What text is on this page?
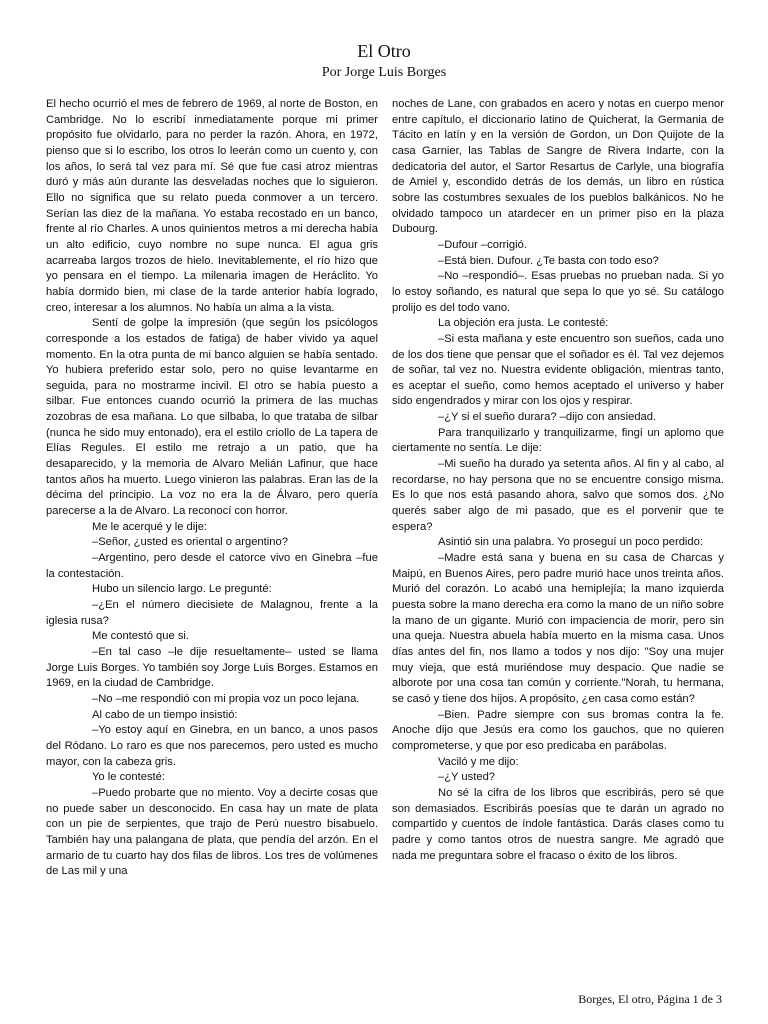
El Otro
Por Jorge Luis Borges

El hecho ocurrió el mes de febrero de 1969, al norte de Boston, en Cambridge. No lo escribí inmediatamente porque mi primer propósito fue olvidarlo, para no perder la razón. Ahora, en 1972, pienso que si lo escribo, los otros lo leerán como un cuento y, con los años, lo será tal vez para mí. Sé que fue casi atroz mientras duró y más aún durante las desveladas noches que lo siguieron. Ello no significa que su relato pueda conmover a un tercero. Serían las diez de la mañana. Yo estaba recostado en un banco, frente al río Charles. A unos quinientos metros a mi derecha había un alto edificio, cuyo nombre no supe nunca. El agua gris acarreaba largos trozos de hielo. Inevitablemente, el río hizo que yo pensara en el tiempo. La milenaria imagen de Heráclito. Yo había dormido bien, mi clase de la tarde anterior había logrado, creo, interesar a los alumnos. No había un alma a la vista.

Sentí de golpe la impresión (que según los psicólogos corresponde a los estados de fatiga) de haber vivido ya aquel momento. En la otra punta de mi banco alguien se había sentado. Yo hubiera preferido estar solo, pero no quise levantarme en seguida, para no mostrarme incivil. El otro se había puesto a silbar. Fue entonces cuando ocurrió la primera de las muchas zozobras de esa mañana. Lo que silbaba, lo que trataba de silbar (nunca he sido muy entonado), era el estilo criollo de La tapera de Elías Regules. El estilo me retrajo a un patio, que ha desaparecido, y la memoria de Alvaro Melián Lafinur, que hace tantos años ha muerto. Luego vinieron las palabras. Eran las de la décima del principio. La voz no era la de Álvaro, pero quería parecerse a la de Alvaro. La reconocí con horror.

Me le acerqué y le dije:

–Señor, ¿usted es oriental o argentino?

–Argentino, pero desde el catorce vivo en Ginebra –fue la contestación.

Hubo un silencio largo. Le pregunté:

–¿En el número diecisiete de Malagnou, frente a la iglesia rusa?

Me contestó que si.

–En tal caso –le dije resueltamente– usted se llama Jorge Luis Borges. Yo también soy Jorge Luis Borges. Estamos en 1969, en la ciudad de Cambridge.

–No –me respondió con mi propia voz un poco lejana.

Al cabo de un tiempo insistió:

–Yo estoy aquí en Ginebra, en un banco, a unos pasos del Ródano. Lo raro es que nos parecemos, pero usted es mucho mayor, con la cabeza gris.

Yo le contesté:

–Puedo probarte que no miento. Voy a decirte cosas que no puede saber un desconocido. En casa hay un mate de plata con un pie de serpientes, que trajo de Perú nuestro bisabuelo. También hay una palangana de plata, que pendía del arzón. En el armario de tu cuarto hay dos filas de libros. Los tres de volúmenes de Las mil y una

noches de Lane, con grabados en acero y notas en cuerpo menor entre capítulo, el diccionario latino de Quicherat, la Germania de Tácito en latín y en la versión de Gordon, un Don Quijote de la casa Garnier, las Tablas de Sangre de Rivera Indarte, con la dedicatoria del autor, el Sartor Resartus de Carlyle, una biografía de Amiel y, escondido detrás de los demás, un libro en rústica sobre las costumbres sexuales de los pueblos balkánicos. No he olvidado tampoco un atardecer en un primer piso en la plaza Dubourg.

–Dufour –corrigió.

–Está bien. Dufour. ¿Te basta con todo eso?

–No –respondió–. Esas pruebas no prueban nada. Si yo lo estoy soñando, es natural que sepa lo que yo sé. Su catálogo prolijo es del todo vano.

La objeción era justa. Le contesté:

–Si esta mañana y este encuentro son sueños, cada uno de los dos tiene que pensar que el soñador es él. Tal vez dejemos de soñar, tal vez no. Nuestra evidente obligación, mientras tanto, es aceptar el sueño, como hemos aceptado el universo y haber sido engendrados y mirar con los ojos y respirar.

–¿Y si el sueño durara? –dijo con ansiedad.

Para tranquilizarlo y tranquilizarme, fingí un aplomo que ciertamente no sentía. Le dije:

–Mi sueño ha durado ya setenta años. Al fin y al cabo, al recordarse, no hay persona que no se encuentre consigo misma. Es lo que nos está pasando ahora, salvo que somos dos. ¿No querés saber algo de mi pasado, que es el porvenir que te espera?

Asintió sin una palabra. Yo proseguí un poco perdido:

–Madre está sana y buena en su casa de Charcas y Maipú, en Buenos Aires, pero padre murió hace unos treinta años. Murió del corazón. Lo acabó una hemiplejía; la mano izquierda puesta sobre la mano derecha era como la mano de un niño sobre la mano de un gigante. Murió con impaciencia de morir, pero sin una queja. Nuestra abuela había muerto en la misma casa. Unos días antes del fin, nos llamo a todos y nos dijo: "Soy una mujer muy vieja, que está muriéndose muy despacio. Que nadie se alborote por una cosa tan común y corriente."Norah, tu hermana, se casó y tiene dos hijos. A propósito, ¿en casa como están?

–Bien. Padre siempre con sus bromas contra la fe. Anoche dijo que Jesús era como los gauchos, que no quieren comprometerse, y que por eso predicaba en parábolas.

Vaciló y me dijo:

–¿Y usted?

No sé la cifra de los libros que escribirás, pero sé que son demasiados. Escribirás poesías que te darán un agrado no compartido y cuentos de índole fantástica. Darás clases como tu padre y como tantos otros de nuestra sangre. Me agradó que nada me preguntara sobre el fracaso o éxito de los libros.

Borges, El otro, Página 1 de 3
